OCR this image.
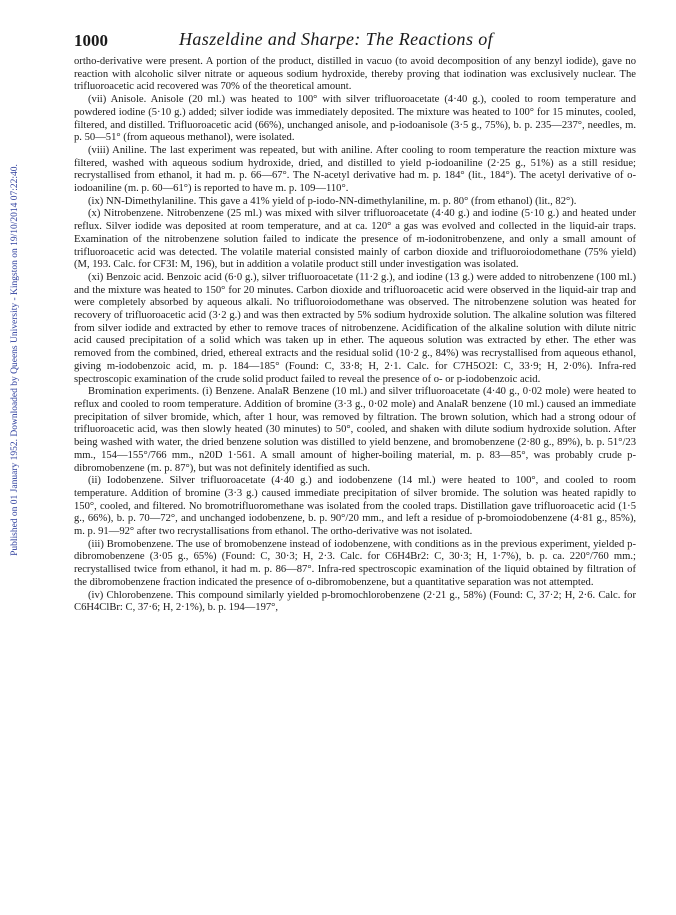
Published on 01 January 1952. Downloaded by Queens University - Kingston on 19/10/2014 07:22:40.
1000	Haszeldine and Sharpe: The Reactions of

ortho-derivative were present. A portion of the product, distilled in vacuo (to avoid decomposition of any benzyl iodide), gave no reaction with alcoholic silver nitrate or aqueous sodium hydroxide, thereby proving that iodination was exclusively nuclear. The trifluoroacetic acid recovered was 70% of the theoretical amount.

(vii) Anisole. Anisole (20 ml.) was heated to 100° with silver trifluoroacetate (4·40 g.), cooled to room temperature and powdered iodine (5·10 g.) added; silver iodide was immediately deposited. The mixture was heated to 100° for 15 minutes, cooled, filtered, and distilled. Trifluoroacetic acid (66%), unchanged anisole, and p-iodoanisole (3·5 g., 75%), b. p. 235—237°, needles, m. p. 50—51° (from aqueous methanol), were isolated.

(viii) Aniline. The last experiment was repeated, but with aniline. After cooling to room temperature the reaction mixture was filtered, washed with aqueous sodium hydroxide, dried, and distilled to yield p-iodoaniline (2·25 g., 51%) as a still residue; recrystallised from ethanol, it had m. p. 66—67°. The N-acetyl derivative had m. p. 184° (lit., 184°). The acetyl derivative of o-iodoaniline (m. p. 60—61°) is reported to have m. p. 109—110°.

(ix) NN-Dimethylaniline. This gave a 41% yield of p-iodo-NN-dimethylaniline, m. p. 80° (from ethanol) (lit., 82°).

(x) Nitrobenzene. Nitrobenzene (25 ml.) was mixed with silver trifluoroacetate (4·40 g.) and iodine (5·10 g.) and heated under reflux. Silver iodide was deposited at room temperature, and at ca. 120° a gas was evolved and collected in the liquid-air traps. Examination of the nitrobenzene solution failed to indicate the presence of m-iodonitrobenzene, and only a small amount of trifluoroacetic acid was detected. The volatile material consisted mainly of carbon dioxide and trifluoroiodomethane (75% yield) (M, 193. Calc. for CF3I: M, 196), but in addition a volatile product still under investigation was isolated.

(xi) Benzoic acid. Benzoic acid (6·0 g.), silver trifluoroacetate (11·2 g.), and iodine (13 g.) were added to nitrobenzene (100 ml.) and the mixture was heated to 150° for 20 minutes. Carbon dioxide and trifluoroacetic acid were observed in the liquid-air trap and were completely absorbed by aqueous alkali. No trifluoroiodomethane was observed. The nitrobenzene solution was heated for recovery of trifluoroacetic acid (3·2 g.) and was then extracted by 5% sodium hydroxide solution. The alkaline solution was filtered from silver iodide and extracted by ether to remove traces of nitrobenzene. Acidification of the alkaline solution with dilute nitric acid caused precipitation of a solid which was taken up in ether. The aqueous solution was extracted by ether. The ether was removed from the combined, dried, ethereal extracts and the residual solid (10·2 g., 84%) was recrystallised from aqueous ethanol, giving m-iodobenzoic acid, m. p. 184—185° (Found: C, 33·8; H, 2·1. Calc. for C7H5O2I: C, 33·9; H, 2·0%). Infra-red spectroscopic examination of the crude solid product failed to reveal the presence of o- or p-iodobenzoic acid.

Bromination experiments. (i) Benzene. AnalaR Benzene (10 ml.) and silver trifluoroacetate (4·40 g., 0·02 mole) were heated to reflux and cooled to room temperature. Addition of bromine (3·3 g., 0·02 mole) and AnalaR benzene (10 ml.) caused an immediate precipitation of silver bromide, which, after 1 hour, was removed by filtration. The brown solution, which had a strong odour of trifluoroacetic acid, was then slowly heated (30 minutes) to 50°, cooled, and shaken with dilute sodium hydroxide solution. After being washed with water, the dried benzene solution was distilled to yield benzene, and bromobenzene (2·80 g., 89%), b. p. 51°/23 mm., 154—155°/766 mm., n20D 1·561. A small amount of higher-boiling material, m. p. 83—85°, was probably crude p-dibromobenzene (m. p. 87°), but was not definitely identified as such.

(ii) Iodobenzene. Silver trifluoroacetate (4·40 g.) and iodobenzene (14 ml.) were heated to 100°, and cooled to room temperature. Addition of bromine (3·3 g.) caused immediate precipitation of silver bromide. The solution was heated rapidly to 150°, cooled, and filtered. No bromotrifluoromethane was isolated from the cooled traps. Distillation gave trifluoroacetic acid (1·5 g., 66%), b. p. 70—72°, and unchanged iodobenzene, b. p. 90°/20 mm., and left a residue of p-bromoiodobenzene (4·81 g., 85%), m. p. 91—92° after two recrystallisations from ethanol. The ortho-derivative was not isolated.

(iii) Bromobenzene. The use of bromobenzene instead of iodobenzene, with conditions as in the previous experiment, yielded p-dibromobenzene (3·05 g., 65%) (Found: C, 30·3; H, 2·3. Calc. for C6H4Br2: C, 30·3; H, 1·7%), b. p. ca. 220°/760 mm.; recrystallised twice from ethanol, it had m. p. 86—87°. Infra-red spectroscopic examination of the liquid obtained by filtration of the dibromobenzene fraction indicated the presence of o-dibromobenzene, but a quantitative separation was not attempted.

(iv) Chlorobenzene. This compound similarly yielded p-bromochlorobenzene (2·21 g., 58%) (Found: C, 37·2; H, 2·6. Calc. for C6H4ClBr: C, 37·6; H, 2·1%), b. p. 194—197°,
